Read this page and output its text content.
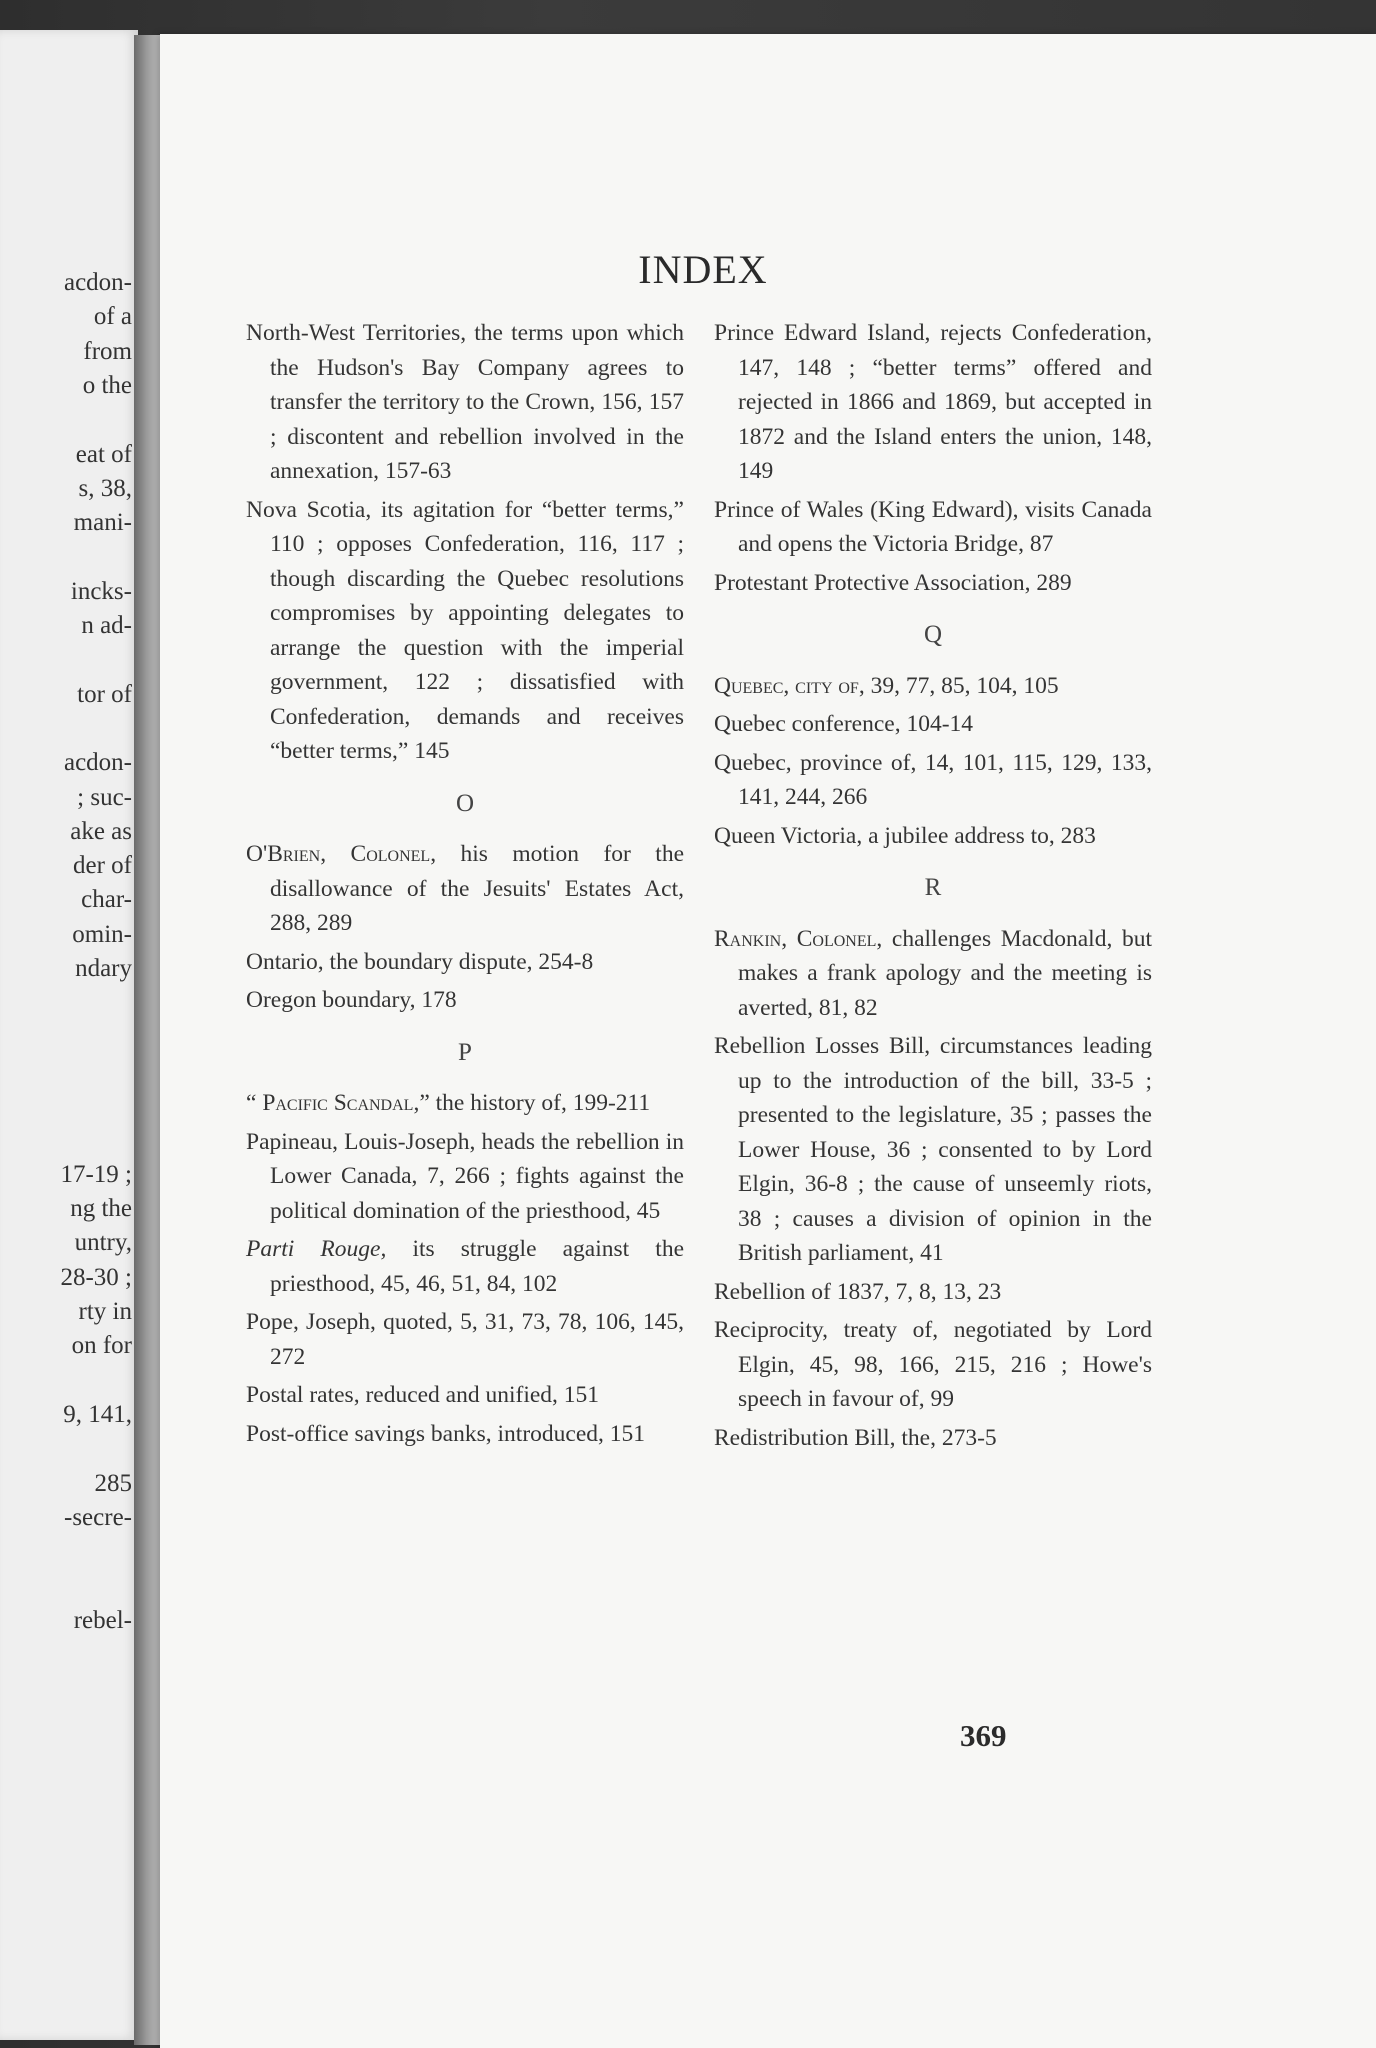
acdon-
of a
from
o the
eat of
s, 38,
mani-
incks-
n ad-
tor of
acdon-
; suc-
ake as
der of
char-
omin-
ndary
17-19 ;
ng the
untry,
28-30 ;
rty in
on for
9, 141,
285
-secre-
rebel-
INDEX
North-West Territories, the terms upon which the Hudson's Bay Company agrees to transfer the territory to the Crown, 156, 157 ; discontent and rebellion involved in the annexation, 157-63
Nova Scotia, its agitation for “better terms,” 110 ; opposes Confederation, 116, 117 ; though discarding the Quebec resolutions compromises by appointing delegates to arrange the question with the imperial government, 122 ; dissatisfied with Confederation, demands and receives “better terms,” 145
O
O'Brien, Colonel, his motion for the disallowance of the Jesuits' Estates Act, 288, 289
Ontario, the boundary dispute, 254-8
Oregon boundary, 178
P
“ Pacific Scandal,” the history of, 199-211
Papineau, Louis-Joseph, heads the rebellion in Lower Canada, 7, 266 ; fights against the political domination of the priesthood, 45
Parti Rouge, its struggle against the priesthood, 45, 46, 51, 84, 102
Pope, Joseph, quoted, 5, 31, 73, 78, 106, 145, 272
Postal rates, reduced and unified, 151
Post-office savings banks, introduced, 151
Prince Edward Island, rejects Confederation, 147, 148 ; “better terms” offered and rejected in 1866 and 1869, but accepted in 1872 and the Island enters the union, 148, 149
Prince of Wales (King Edward), visits Canada and opens the Victoria Bridge, 87
Protestant Protective Association, 289
Q
Quebec, city of, 39, 77, 85, 104, 105
Quebec conference, 104-14
Quebec, province of, 14, 101, 115, 129, 133, 141, 244, 266
Queen Victoria, a jubilee address to, 283
R
Rankin, Colonel, challenges Macdonald, but makes a frank apology and the meeting is averted, 81, 82
Rebellion Losses Bill, circumstances leading up to the introduction of the bill, 33-5 ; presented to the legislature, 35 ; passes the Lower House, 36 ; consented to by Lord Elgin, 36-8 ; the cause of unseemly riots, 38 ; causes a division of opinion in the British parliament, 41
Rebellion of 1837, 7, 8, 13, 23
Reciprocity, treaty of, negotiated by Lord Elgin, 45, 98, 166, 215, 216 ; Howe's speech in favour of, 99
Redistribution Bill, the, 273-5
369
